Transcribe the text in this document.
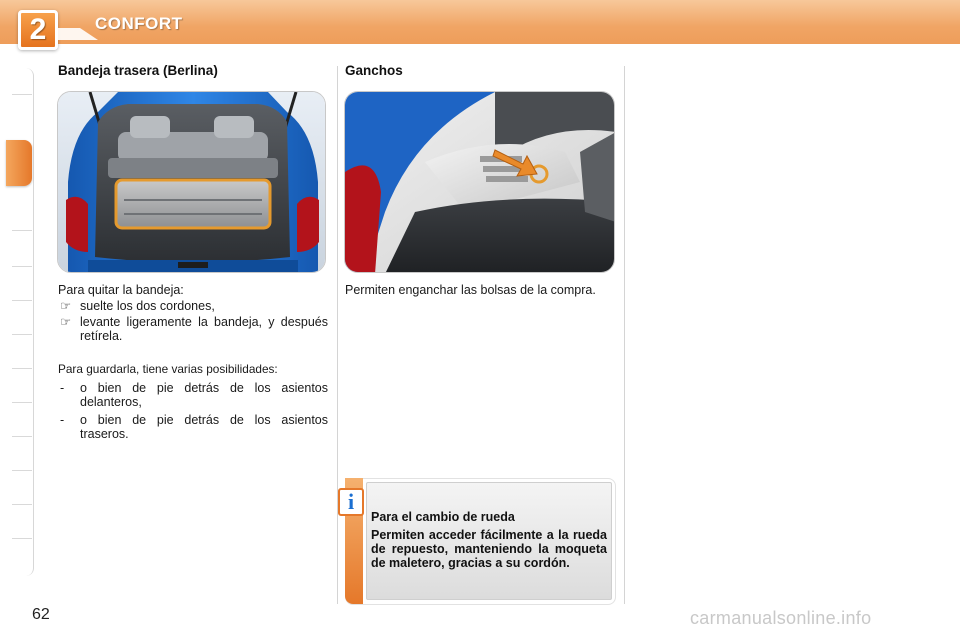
2	CONFORT
Bandeja trasera (Berlina)

Para quitar la bandeja:

☞ suelte los dos cordones,
☞ levante ligeramente la bandeja, y después retírela.

Para guardarla, tiene varias posibilidades:

- o bien de pie detrás de los asientos delanteros,
- o bien de pie detrás de los asientos traseros.
Ganchos
Permiten enganchar las bolsas de la compra.
i
Para el cambio de rueda
Permiten acceder fácilmente a la rueda de repuesto, manteniendo la moqueta de maletero, gracias a su cordón.
62	carmanualsonline.info
